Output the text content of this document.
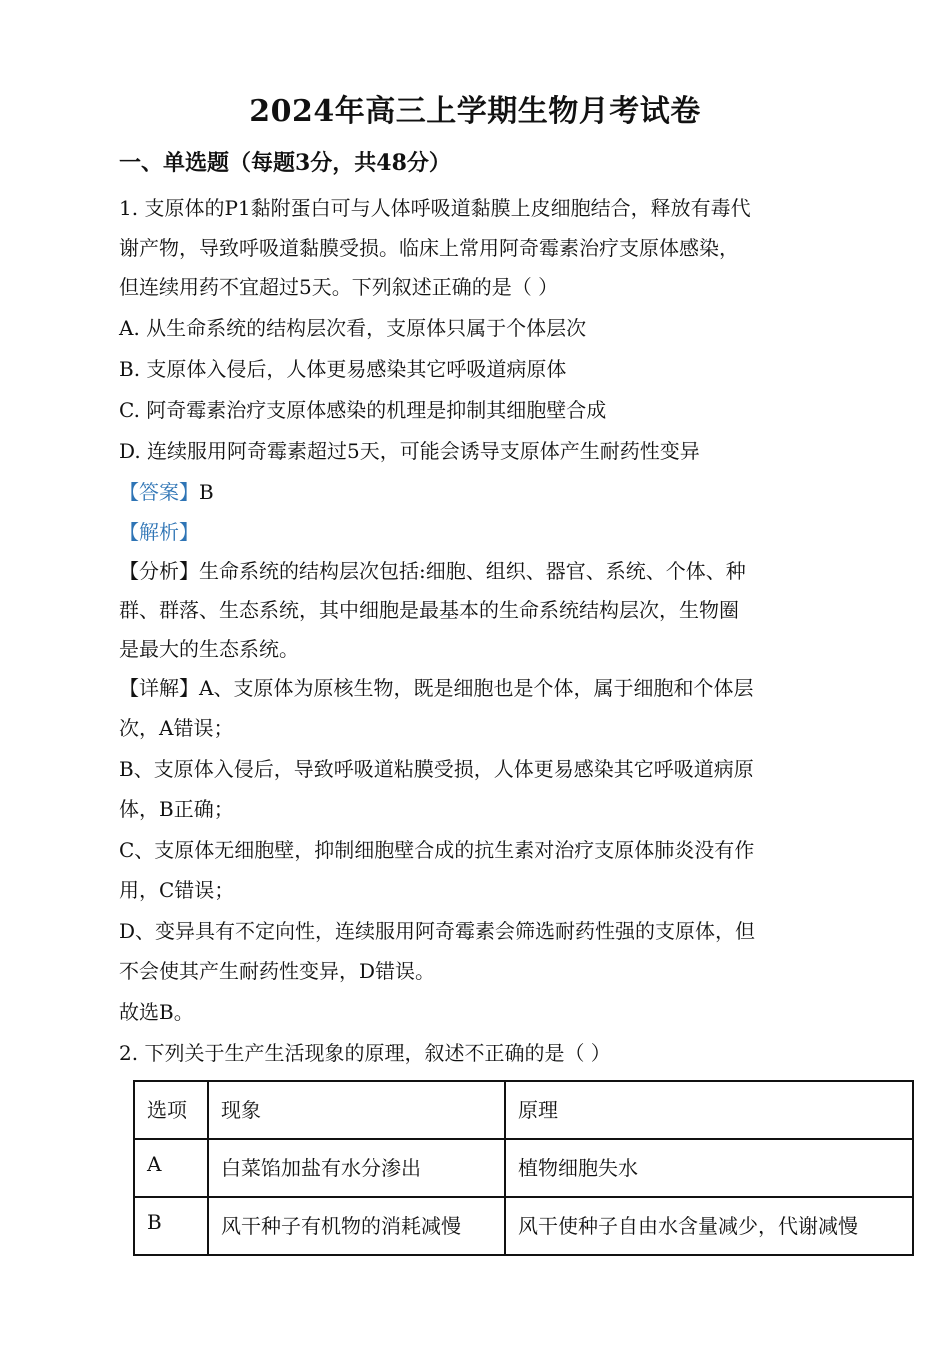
2024年高三上学期生物月考试卷
一、单选题（每题3分，共48分）
1. 支原体的P1黏附蛋白可与人体呼吸道黏膜上皮细胞结合，释放有毒代
谢产物，导致呼吸道黏膜受损。临床上常用阿奇霉素治疗支原体感染，
但连续用药不宜超过5天。下列叙述正确的是（ ）
A. 从生命系统的结构层次看，支原体只属于个体层次
B. 支原体入侵后，人体更易感染其它呼吸道病原体
C. 阿奇霉素治疗支原体感染的机理是抑制其细胞壁合成
D. 连续服用阿奇霉素超过5天，可能会诱导支原体产生耐药性变异
【答案】B
【解析】
【分析】生命系统的结构层次包括:细胞、组织、器官、系统、个体、种
群、群落、生态系统，其中细胞是最基本的生命系统结构层次，生物圈
是最大的生态系统。
【详解】A、支原体为原核生物，既是细胞也是个体，属于细胞和个体层
次，A错误；
B、支原体入侵后，导致呼吸道粘膜受损，人体更易感染其它呼吸道病原
体，B正确；
C、支原体无细胞壁，抑制细胞壁合成的抗生素对治疗支原体肺炎没有作
用，C错误；
D、变异具有不定向性，连续服用阿奇霉素会筛选耐药性强的支原体，但
不会使其产生耐药性变异，D错误。
故选B。
2. 下列关于生产生活现象的原理，叙述不正确的是（ ）
选项	现象	原理
A	白菜馅加盐有水分渗出	植物细胞失水
B	风干种子有机物的消耗减慢	风干使种子自由水含量减少，代谢减慢
